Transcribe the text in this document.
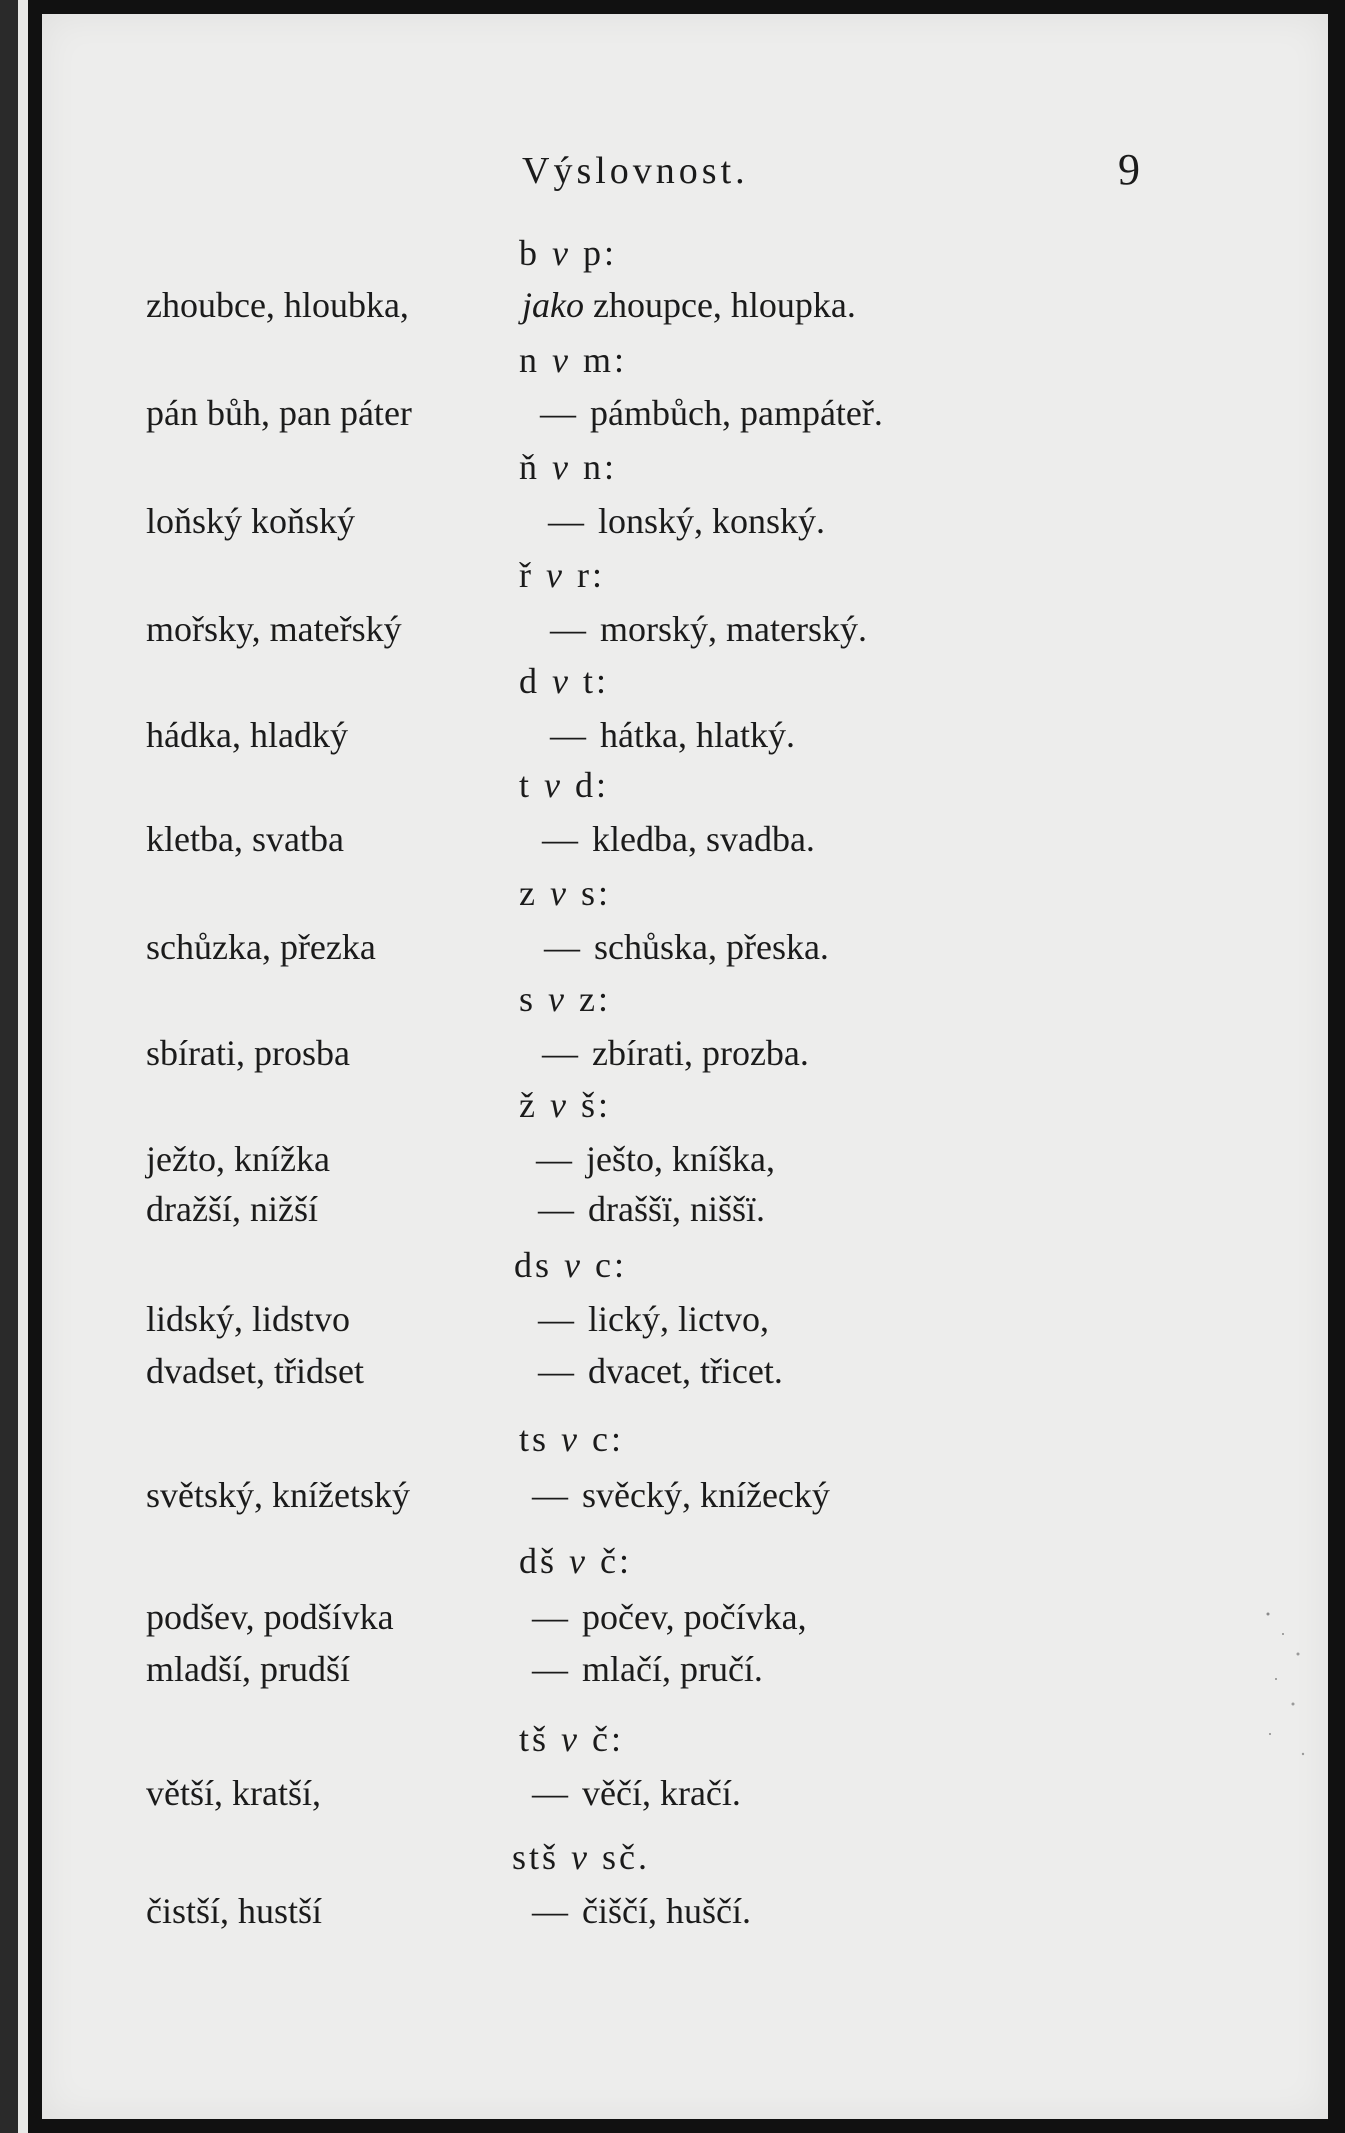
Výslovnost.	9
b v p:
zhoubce, hloubka,	jako zhoupce, hloupka.
n v m:
pán bůh, pan páter	— pámbůch, pampáteř.
ň v n:
loňský koňský	— lonský, konský.
ř v r:
mořsky, mateřský	— morský, materský.
d v t:
hádka, hladký	— hátka, hlatký.
t v d:
kletba, svatba	— kledba, svadba.
z v s:
schůzka, přezka	— schůska, přeska.
s v z:
sbírati, prosba	— zbírati, prozba.
ž v š:
ježto, knížka	— ješto, kníška,
dražší, nižší	— draššï, niššï.
ds v c:
lidský, lidstvo	— lický, lictvo,
dvadset, třidset	— dvacet, třicet.
ts v c:
světský, knížetský	— svěcký, knížecký
dš v č:
podšev, podšívka	— počev, počívka,
mladší, prudší	— mlačí, pručí.
tš v č:
větší, kratší,	— věčí, kračí.
stš v sč.
čistší, hustší	— čiščí, huščí.
